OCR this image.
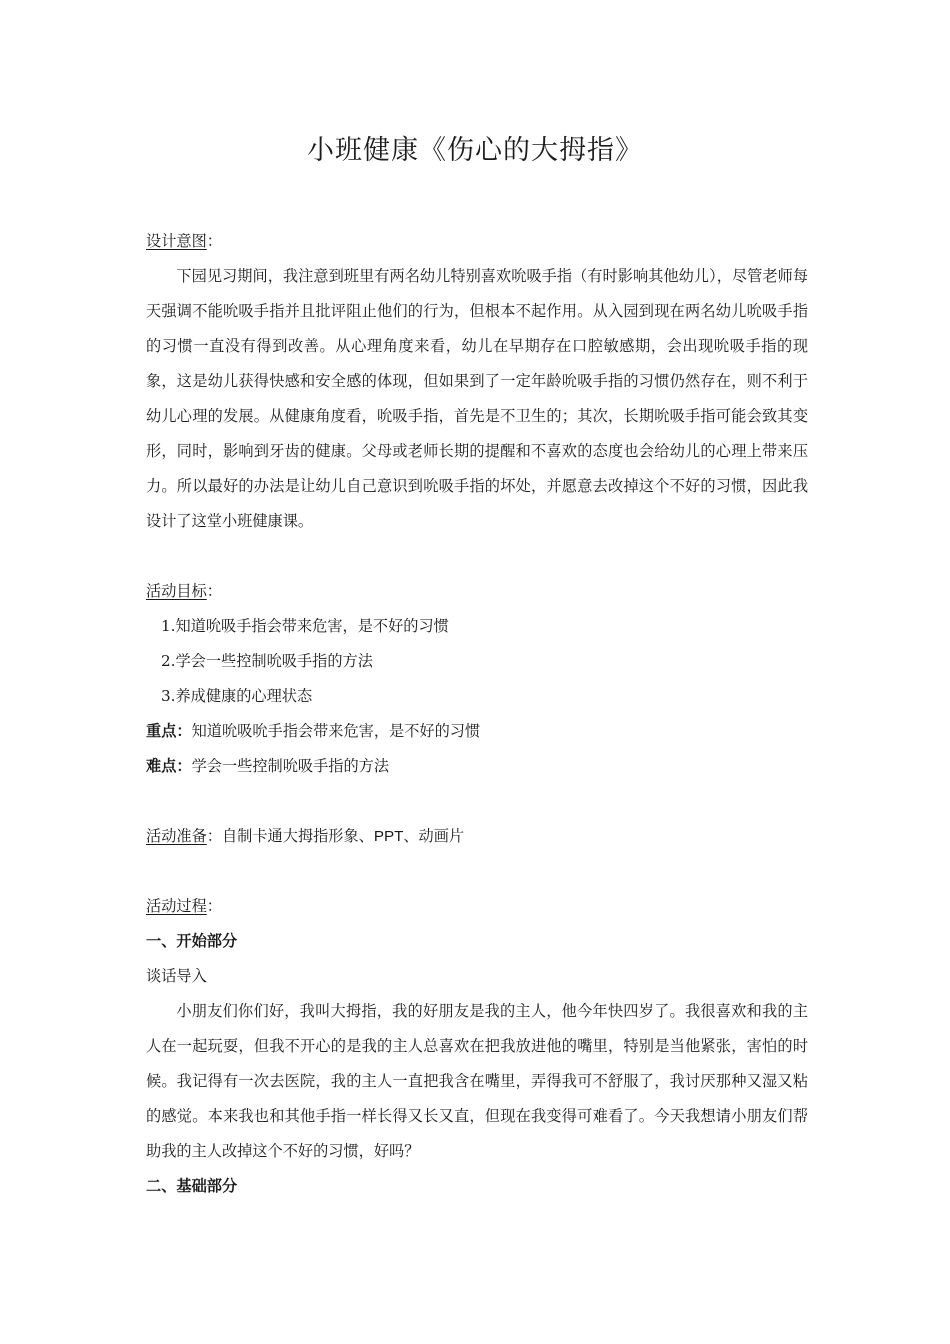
小班健康《伤心的大拇指》
设计意图：

下园见习期间，我注意到班里有两名幼儿特别喜欢吮吸手指（有时影响其他幼儿），尽管老师每天强调不能吮吸手指并且批评阻止他们的行为，但根本不起作用。从入园到现在两名幼儿吮吸手指的习惯一直没有得到改善。从心理角度来看，幼儿在早期存在口腔敏感期，会出现吮吸手指的现象，这是幼儿获得快感和安全感的体现，但如果到了一定年龄吮吸手指的习惯仍然存在，则不利于幼儿心理的发展。从健康角度看，吮吸手指，首先是不卫生的；其次，长期吮吸手指可能会致其变形，同时，影响到牙齿的健康。父母或老师长期的提醒和不喜欢的态度也会给幼儿的心理上带来压力。所以最好的办法是让幼儿自己意识到吮吸手指的坏处，并愿意去改掉这个不好的习惯，因此我设计了这堂小班健康课。

活动目标：
1.知道吮吸手指会带来危害，是不好的习惯
2.学会一些控制吮吸手指的方法
3.养成健康的心理状态
重点：知道吮吸吮手指会带来危害，是不好的习惯
难点：学会一些控制吮吸手指的方法
活动准备：自制卡通大拇指形象、PPT、动画片
活动过程：
一、开始部分
谈话导入

小朋友们你们好，我叫大拇指，我的好朋友是我的主人，他今年快四岁了。我很喜欢和我的主人在一起玩耍，但我不开心的是我的主人总喜欢在把我放进他的嘴里，特别是当他紧张，害怕的时候。我记得有一次去医院，我的主人一直把我含在嘴里，弄得我可不舒服了，我讨厌那种又湿又粘的感觉。本来我也和其他手指一样长得又长又直，但现在我变得可难看了。今天我想请小朋友们帮助我的主人改掉这个不好的习惯，好吗？

二、基础部分
